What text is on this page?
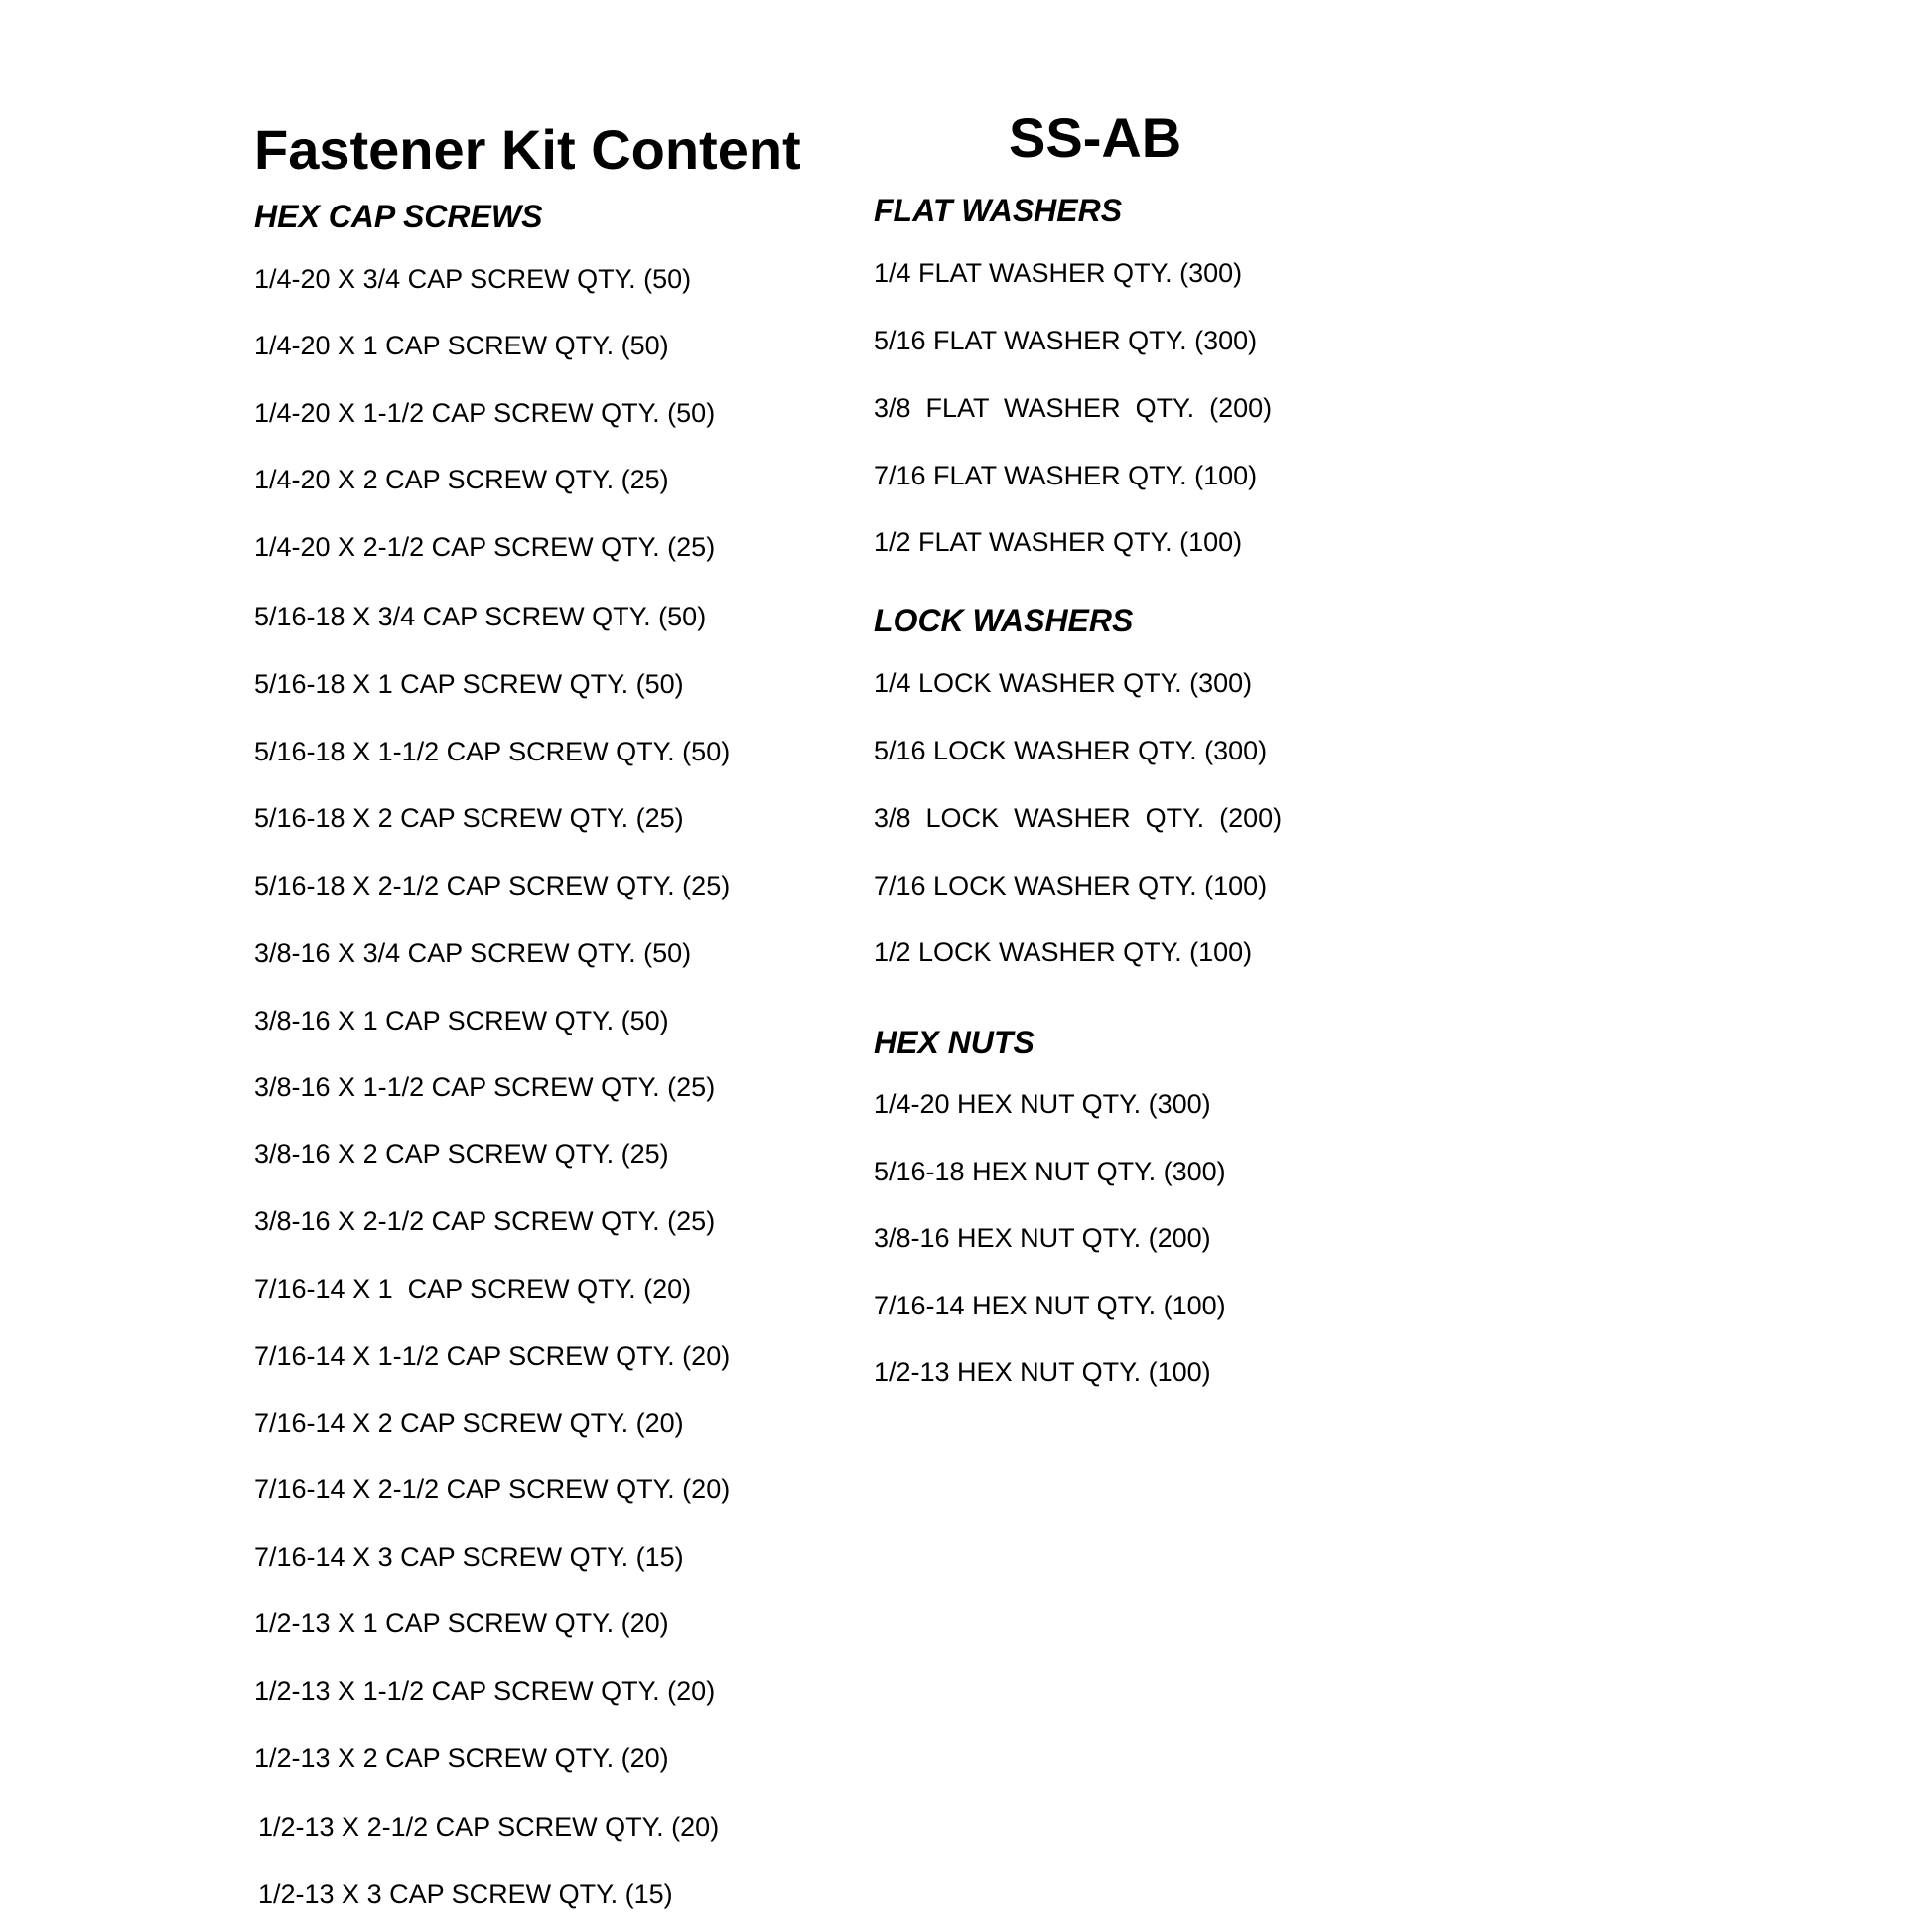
Fastener Kit Content	SS-AB
HEX CAP SCREWS
1/4-20 X 3/4 CAP SCREW QTY. (50)
1/4-20 X 1 CAP SCREW QTY. (50)
1/4-20 X 1-1/2 CAP SCREW QTY. (50)
1/4-20 X 2 CAP SCREW QTY. (25)
1/4-20 X 2-1/2 CAP SCREW QTY. (25)
5/16-18 X 3/4 CAP SCREW QTY. (50)
5/16-18 X 1 CAP SCREW QTY. (50)
5/16-18 X 1-1/2 CAP SCREW QTY. (50)
5/16-18 X 2 CAP SCREW QTY. (25)
5/16-18 X 2-1/2 CAP SCREW QTY. (25)
3/8-16 X 3/4 CAP SCREW QTY. (50)
3/8-16 X 1 CAP SCREW QTY. (50)
3/8-16 X 1-1/2 CAP SCREW QTY. (25)
3/8-16 X 2 CAP SCREW QTY. (25)
3/8-16 X 2-1/2 CAP SCREW QTY. (25)
7/16-14 X 1  CAP SCREW QTY. (20)
7/16-14 X 1-1/2 CAP SCREW QTY. (20)
7/16-14 X 2 CAP SCREW QTY. (20)
7/16-14 X 2-1/2 CAP SCREW QTY. (20)
7/16-14 X 3 CAP SCREW QTY. (15)
1/2-13 X 1 CAP SCREW QTY. (20)
1/2-13 X 1-1/2 CAP SCREW QTY. (20)
1/2-13 X 2 CAP SCREW QTY. (20)
1/2-13 X 2-1/2 CAP SCREW QTY. (20)
1/2-13 X 3 CAP SCREW QTY. (15)
FLAT WASHERS
1/4 FLAT WASHER QTY. (300)
5/16 FLAT WASHER QTY. (300)
3/8  FLAT  WASHER  QTY.  (200)
7/16 FLAT WASHER QTY. (100)
1/2 FLAT WASHER QTY. (100)
LOCK WASHERS
1/4 LOCK WASHER QTY. (300)
5/16 LOCK WASHER QTY. (300)
3/8  LOCK  WASHER  QTY.  (200)
7/16 LOCK WASHER QTY. (100)
1/2 LOCK WASHER QTY. (100)
HEX NUTS
1/4-20 HEX NUT QTY. (300)
5/16-18 HEX NUT QTY. (300)
3/8-16 HEX NUT QTY. (200)
7/16-14 HEX NUT QTY. (100)
1/2-13 HEX NUT QTY. (100)
